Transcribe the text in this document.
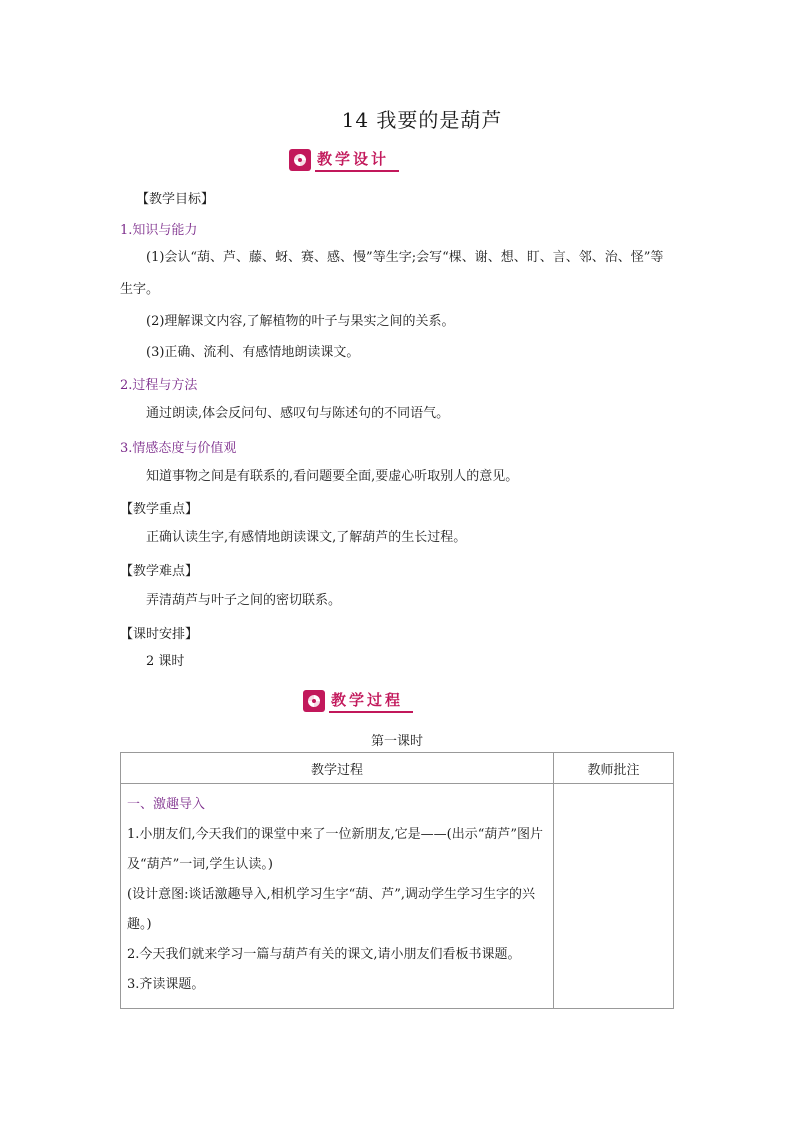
14 我要的是葫芦
教学设计
【教学目标】
1.知识与能力
(1)会认“葫、芦、藤、蚜、赛、感、慢”等生字;会写“棵、谢、想、盯、言、邻、治、怪”等生字。
(2)理解课文内容,了解植物的叶子与果实之间的关系。
(3)正确、流利、有感情地朗读课文。
2.过程与方法
通过朗读,体会反问句、感叹句与陈述句的不同语气。
3.情感态度与价值观
知道事物之间是有联系的,看问题要全面,要虚心听取别人的意见。
【教学重点】
正确认读生字,有感情地朗读课文,了解葫芦的生长过程。
【教学难点】
弄清葫芦与叶子之间的密切联系。
【课时安排】
2 课时
教学过程
第一课时
教学过程	教师批注

一、激趣导入
1.小朋友们,今天我们的课堂中来了一位新朋友,它是——(出示“葫芦”图片及“葫芦”一词,学生认读。)
(设计意图:谈话激趣导入,相机学习生字“葫、芦”,调动学生学习生字的兴趣。)
2.今天我们就来学习一篇与葫芦有关的课文,请小朋友们看板书课题。
3.齐读课题。	
